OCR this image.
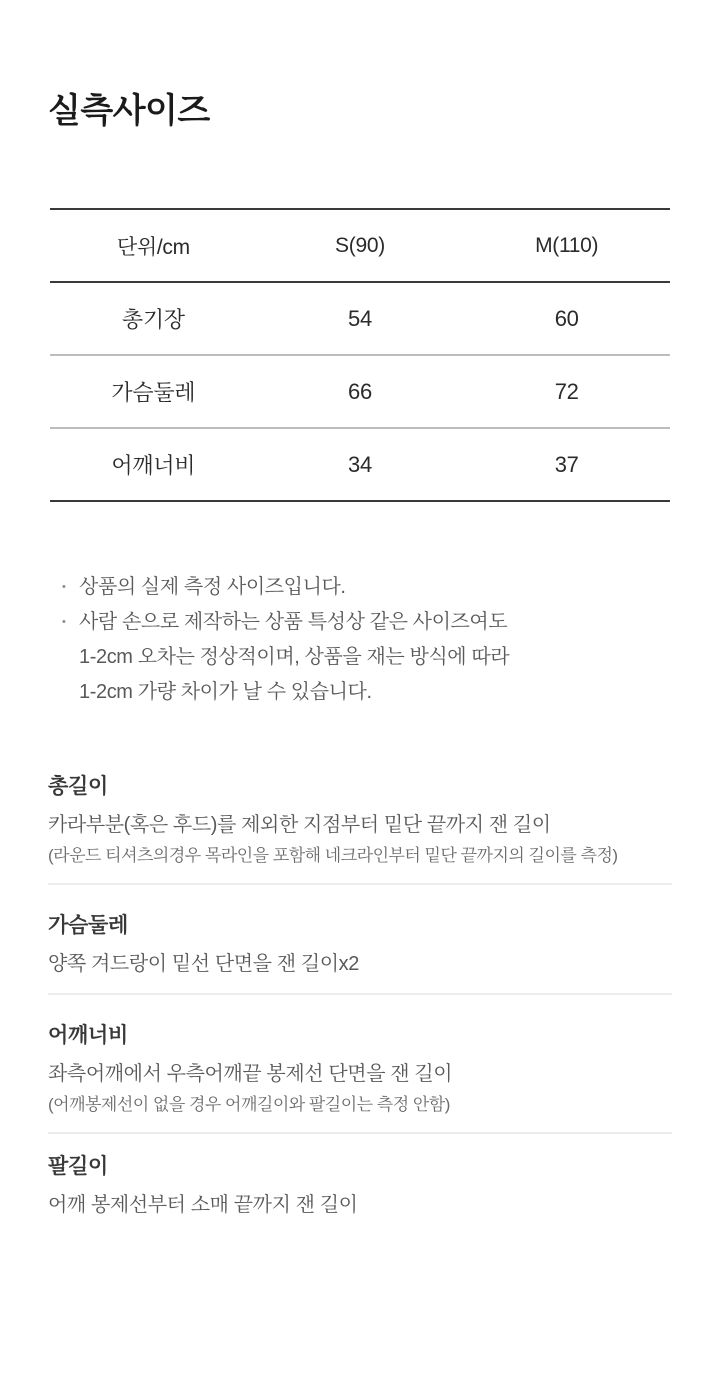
실측사이즈
단위/cm	S(90)	M(110)
총기장	54	60
가슴둘레	66	72
어깨너비	34	37
• 상품의 실제 측정 사이즈입니다.
• 사람 손으로 제작하는 상품 특성상 같은 사이즈여도
1-2cm 오차는 정상적이며, 상품을 재는 방식에 따라
1-2cm 가량 차이가 날 수 있습니다.
총길이
카라부분(혹은 후드)를 제외한 지점부터 밑단 끝까지 잰 길이
(라운드 티셔츠의경우 목라인을 포함해 네크라인부터 밑단 끝까지의 길이를 측정)
가슴둘레
양쪽 겨드랑이 밑선 단면을 잰 길이x2
어깨너비
좌측어깨에서 우측어깨끝 봉제선 단면을 잰 길이
(어깨봉제선이 없을 경우 어깨길이와 팔길이는 측정 안함)
팔길이
어깨 봉제선부터 소매 끝까지 잰 길이
